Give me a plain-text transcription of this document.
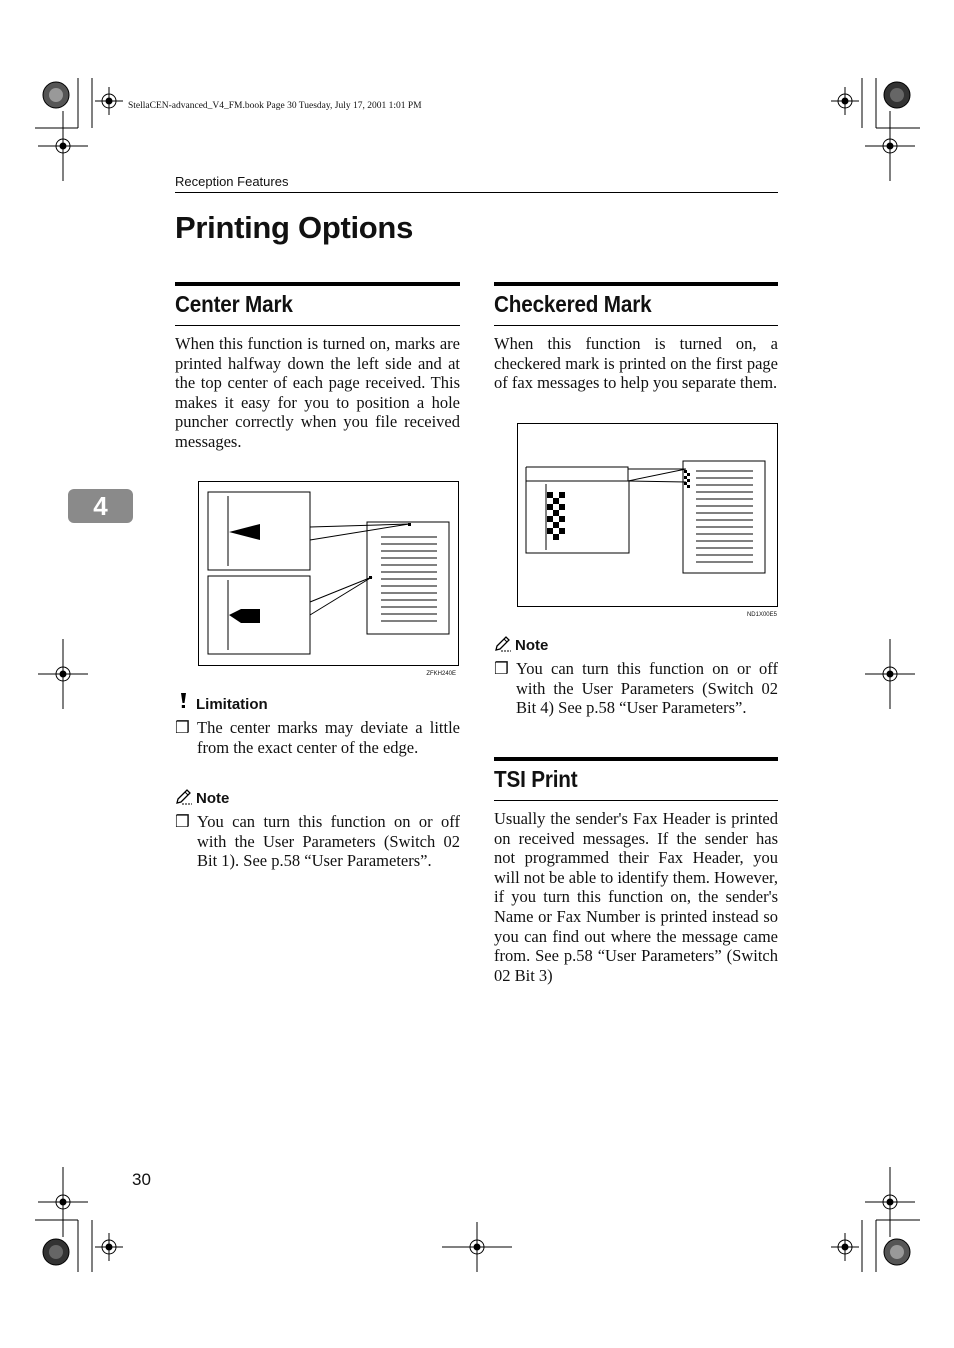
StellaCEN-advanced_V4_FM.book Page 30 Tuesday, July 17, 2001 1:01 PM
Reception Features
Printing Options
4
Center Mark
When this function is turned on, marks are printed halfway down the left side and at the top center of each page received. This makes it easy for you to position a hole puncher correctly when you file received messages.
ZFKH240E
Limitation
❒ The center marks may deviate a little from the exact center of the edge.
Note
❒ You can turn this function on or off with the User Parameters (Switch 02 Bit 1). See p.58 “User Parameters”.
Checkered Mark
When this function is turned on, a checkered mark is printed on the first page of fax messages to help you separate them.
ND1X00E5
Note
❒ You can turn this function on or off with the User Parameters (Switch 02 Bit 4) See p.58 “User Parameters”.
TSI Print
Usually the sender's Fax Header is printed on received messages. If the sender has not programmed their Fax Header, you will not be able to identify them. However, if you turn this function on, the sender's Name or Fax Number is printed instead so you can find out where the message came from. See p.58 “User Parameters” (Switch 02 Bit 3)
30
